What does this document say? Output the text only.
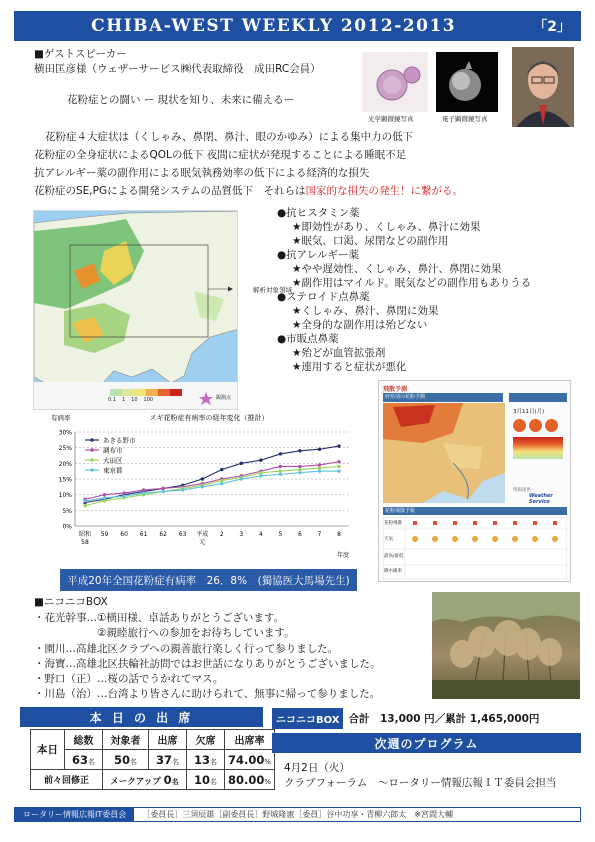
CHIBA-WEST WEEKLY 2012-2013	「2」
■ゲストスピーカー
横田匡彦様（ウェザーサービス㈱代表取締役　成田RC会員）
花粉症との闘い ー 現状を知り、未来に備えるー
光学顕微鏡写真	電子顕微鏡写真
花粉症４大症状は（くしゃみ、鼻閉、鼻汁、眼のかゆみ）による集中力の低下
花粉症の全身症状によるQOLの低下 夜間に症状が発現することによる睡眠不足
抗アレルギー薬の副作用による眠気執務効率の低下による経済的な損失
花粉症のSE,PGによる開発システムの品質低下　それらは国家的な損失の発生！に繋がる。
0.1 1 10 100	観測点
解析対象領域
●抗ヒスタミン薬
★即効性があり、くしゃみ、鼻汁に効果
★眠気、口渇、尿閉などの副作用
●抗アレルギー薬
★やや遅効性、くしゃみ、鼻汁、鼻閉に効果
★副作用はマイルド。眠気などの副作用もありうる
●ステロイド点鼻薬
★くしゃみ、鼻汁、鼻閉に効果
★全身的な副作用は殆どない
●市販点鼻薬
★殆どが血管拡張剤
★連用すると症状が悪化
飛散予測
府県別の花粉予測
3月11日(月)
Weather Service
情報提供
花粉飛散予報
花粉飛散
天気
最高/最低
降水確率
スギ花粉症有病率の経年変化（推計）
有病率
年度
0%
5%
10%
15%
20%
25%
30%
昭和
58
59 60 61 62 63 平成
元
2	3	4	5	6	7	8
あきる野市
調布市
大田区
東京都
平成20年全国花粉症有病率　26．8%　(獨協医大馬場先生)
■ニコニコBOX
・花光幹事…①横田様、卓話ありがとうございます。
　　　　　　②親睦旅行への参加をお待ちしています。
・園川…高雄北区クラブへの親善旅行楽しく行って参りました。
・海寶…高雄北区扶輪社訪問ではお世話になりありがとうございました。
・野口（正）…桜の話でうかれてマス。
・川島（治）…台湾より皆さんに助けられて、無事に帰って参りました。
本 日 の 出 席
本日	総数	対象者	出席	欠席	出席率
	63名	50名	37名	13名	74.00%
前々回修正		メークアップ 0名		10名	80.00%
ニコニコBOX 合計　13,000 円／累計 1,465,000円
次週のプログラム
4月2日（火）
クラブフォーラム　～ロータリー情報広報ＩＴ委員会担当
ロータリー情報広報IT委員会	［委員長］三須辰雄［副委員長］野城隆憲［委員］谷中功享・青柳六郎太　※宮間大輔
